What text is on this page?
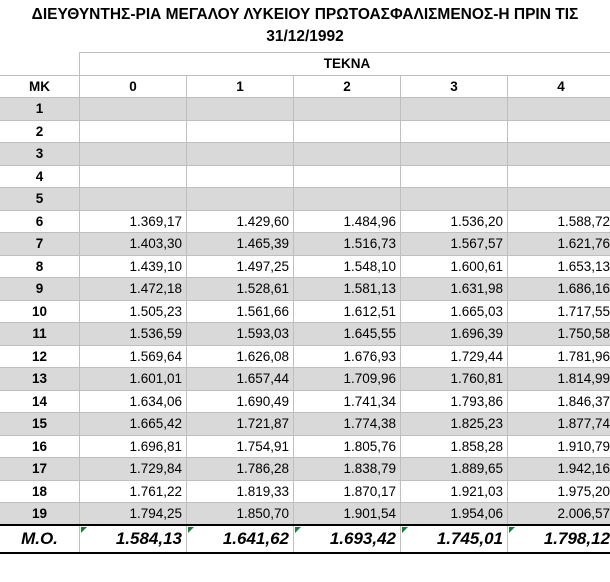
ΔΙΕΥΘΥΝΤΗΣ-ΡΙΑ ΜΕΓΑΛΟΥ ΛΥΚΕΙΟΥ ΠΡΩΤΟΑΣΦΑΛΙΣΜΕΝΟΣ-Η ΠΡΙΝ ΤΙΣ
31/12/1992
	ΤΕΚΝΑ				
ΜΚ	0	1	2	3	4
1					
2					
3					
4					
5					
6	1.369,17	1.429,60	1.484,96	1.536,20	1.588,72
7	1.403,30	1.465,39	1.516,73	1.567,57	1.621,76
8	1.439,10	1.497,25	1.548,10	1.600,61	1.653,13
9	1.472,18	1.528,61	1.581,13	1.631,98	1.686,16
10	1.505,23	1.561,66	1.612,51	1.665,03	1.717,55
11	1.536,59	1.593,03	1.645,55	1.696,39	1.750,58
12	1.569,64	1.626,08	1.676,93	1.729,44	1.781,96
13	1.601,01	1.657,44	1.709,96	1.760,81	1.814,99
14	1.634,06	1.690,49	1.741,34	1.793,86	1.846,37
15	1.665,42	1.721,87	1.774,38	1.825,23	1.877,74
16	1.696,81	1.754,91	1.805,76	1.858,28	1.910,79
17	1.729,84	1.786,28	1.838,79	1.889,65	1.942,16
18	1.761,22	1.819,33	1.870,17	1.921,03	1.975,20
19	1.794,25	1.850,70	1.901,54	1.954,06	2.006,57
Μ.Ο.	1.584,13	1.641,62	1.693,42	1.745,01	1.798,12
